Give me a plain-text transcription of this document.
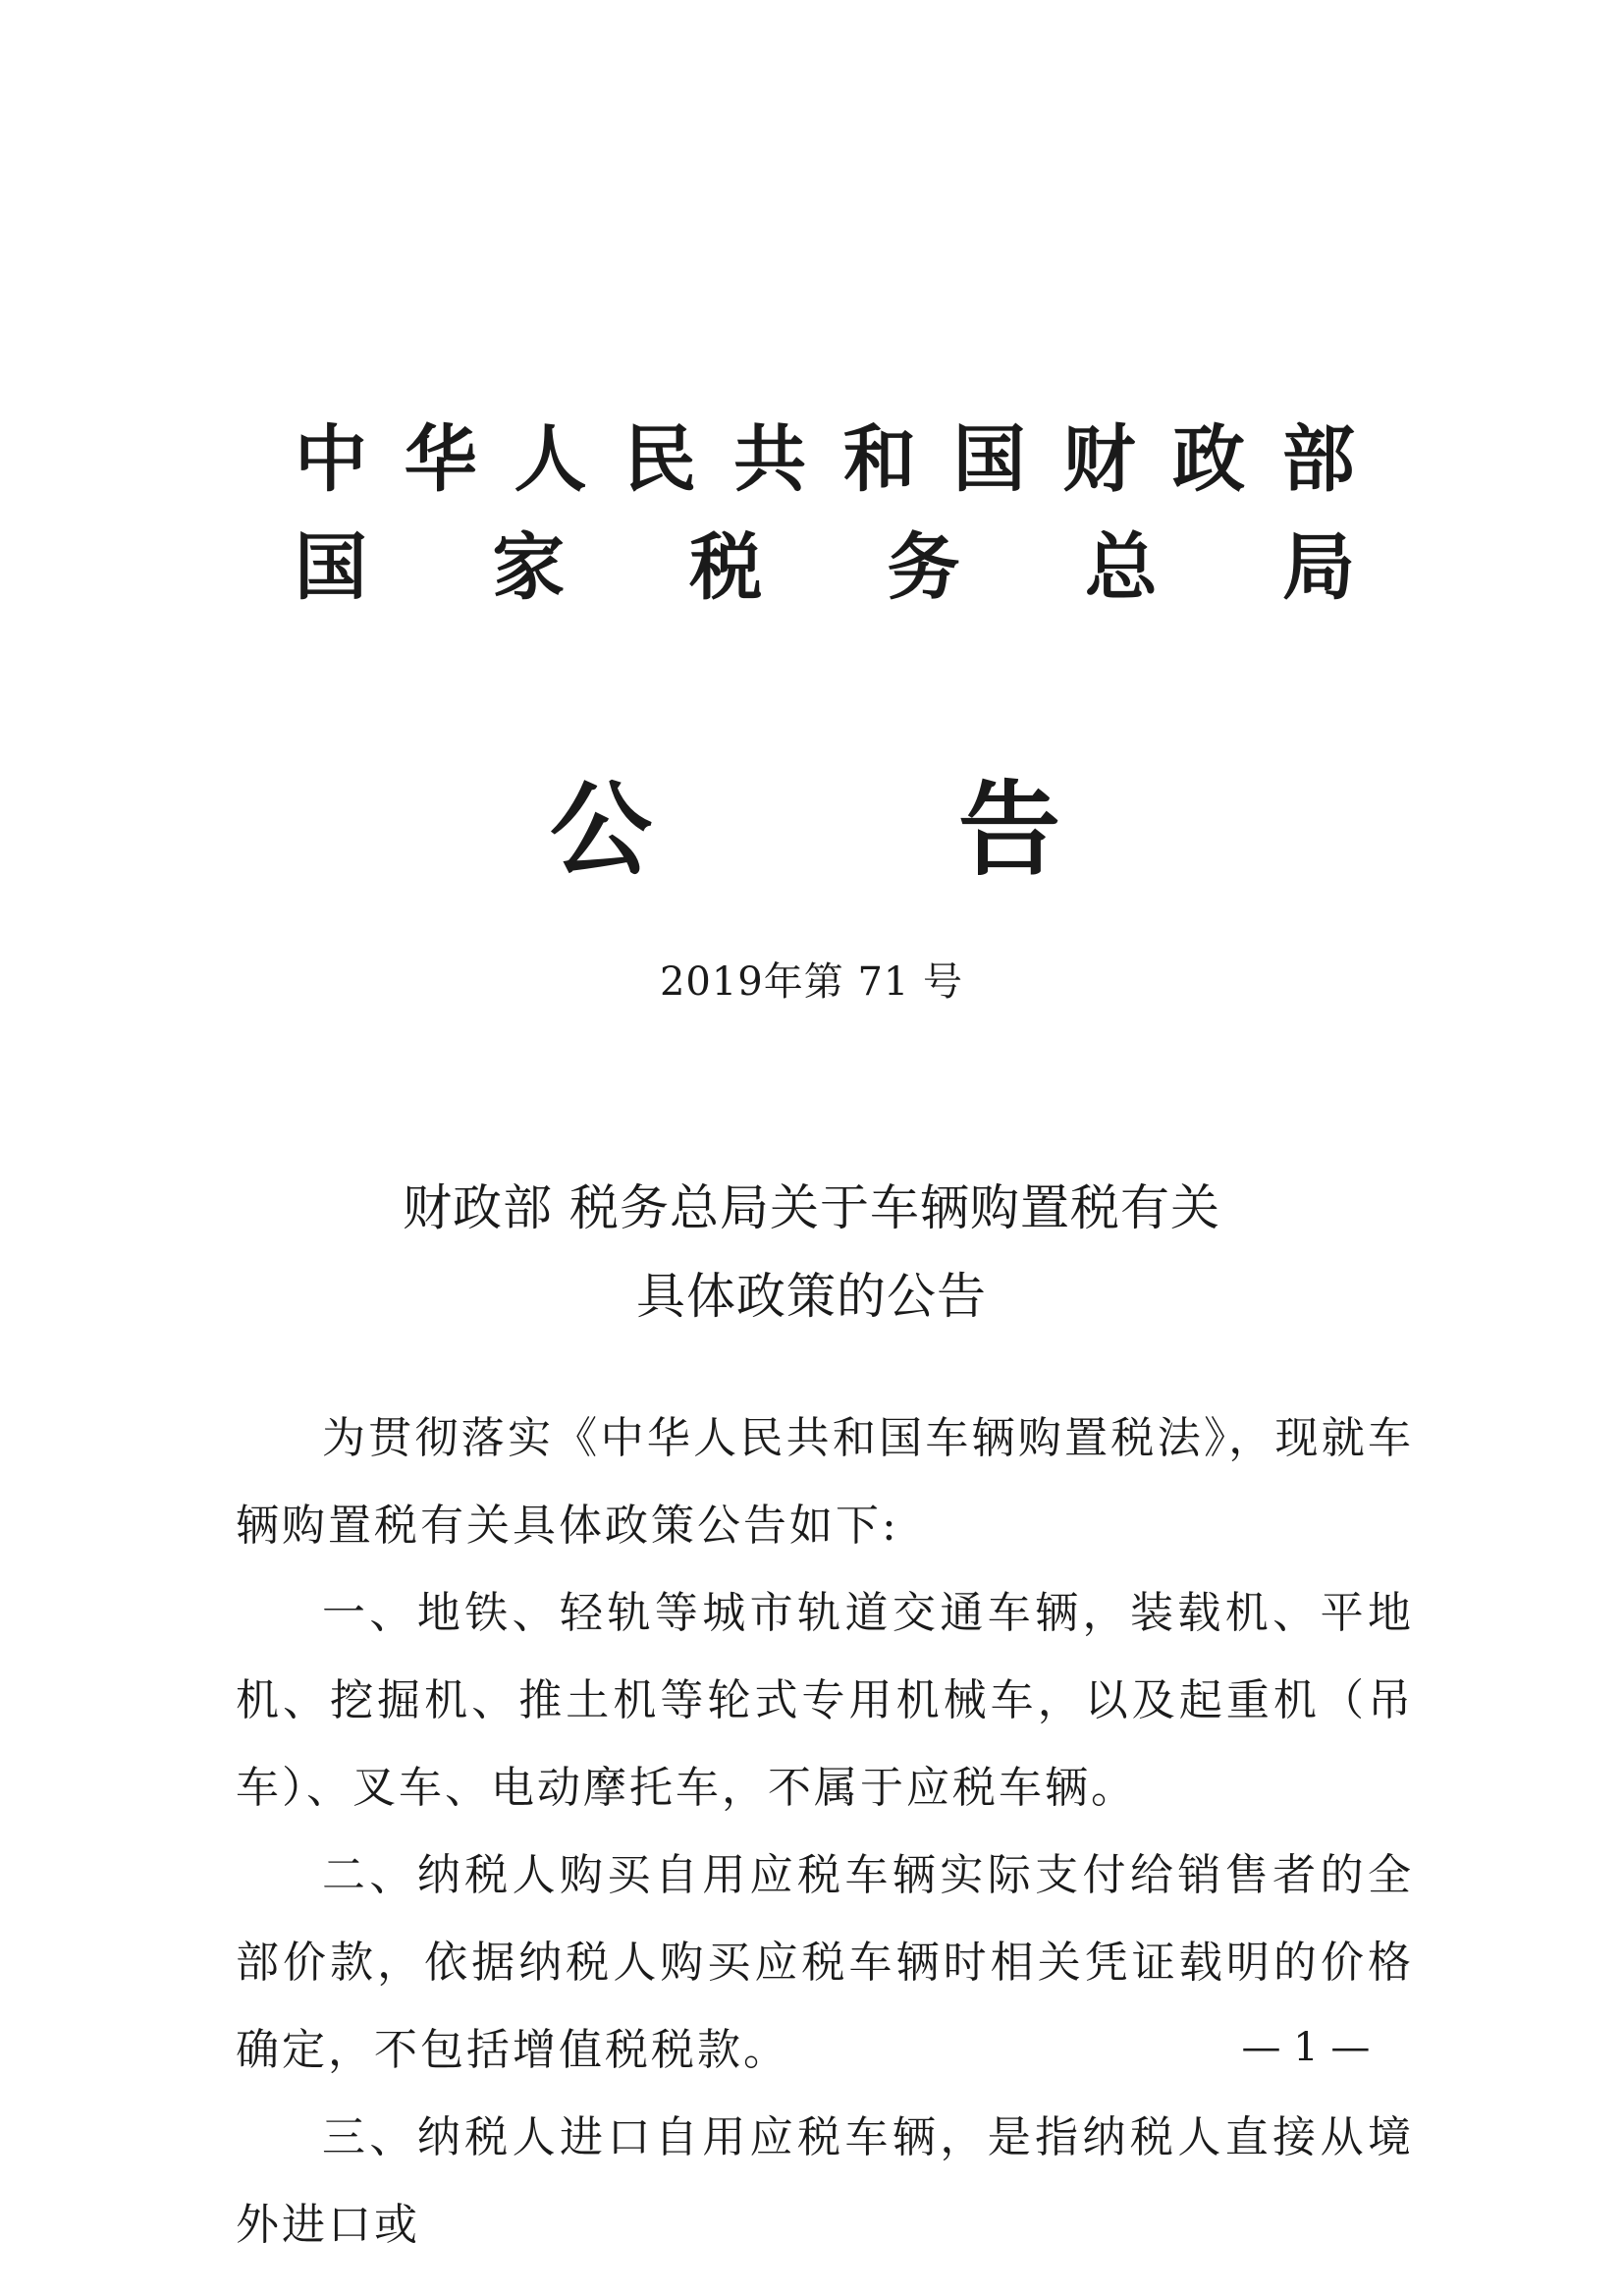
中 华 人 民 共 和 国 财 政 部
国 家 税 务 总 局
公	告
2019年第 71 号
财政部 税务总局关于车辆购置税有关
具体政策的公告

为贯彻落实《中华人民共和国车辆购置税法》，现就车辆购置税有关具体政策公告如下:

一、地铁、轻轨等城市轨道交通车辆，装载机、平地机、挖掘机、推土机等轮式专用机械车，以及起重机（吊车）、叉车、电动摩托车，不属于应税车辆。

二、纳税人购买自用应税车辆实际支付给销售者的全部价款，依据纳税人购买应税车辆时相关凭证载明的价格确定，不包括增值税税款。

三、纳税人进口自用应税车辆，是指纳税人直接从境外进口或

— 1 —
